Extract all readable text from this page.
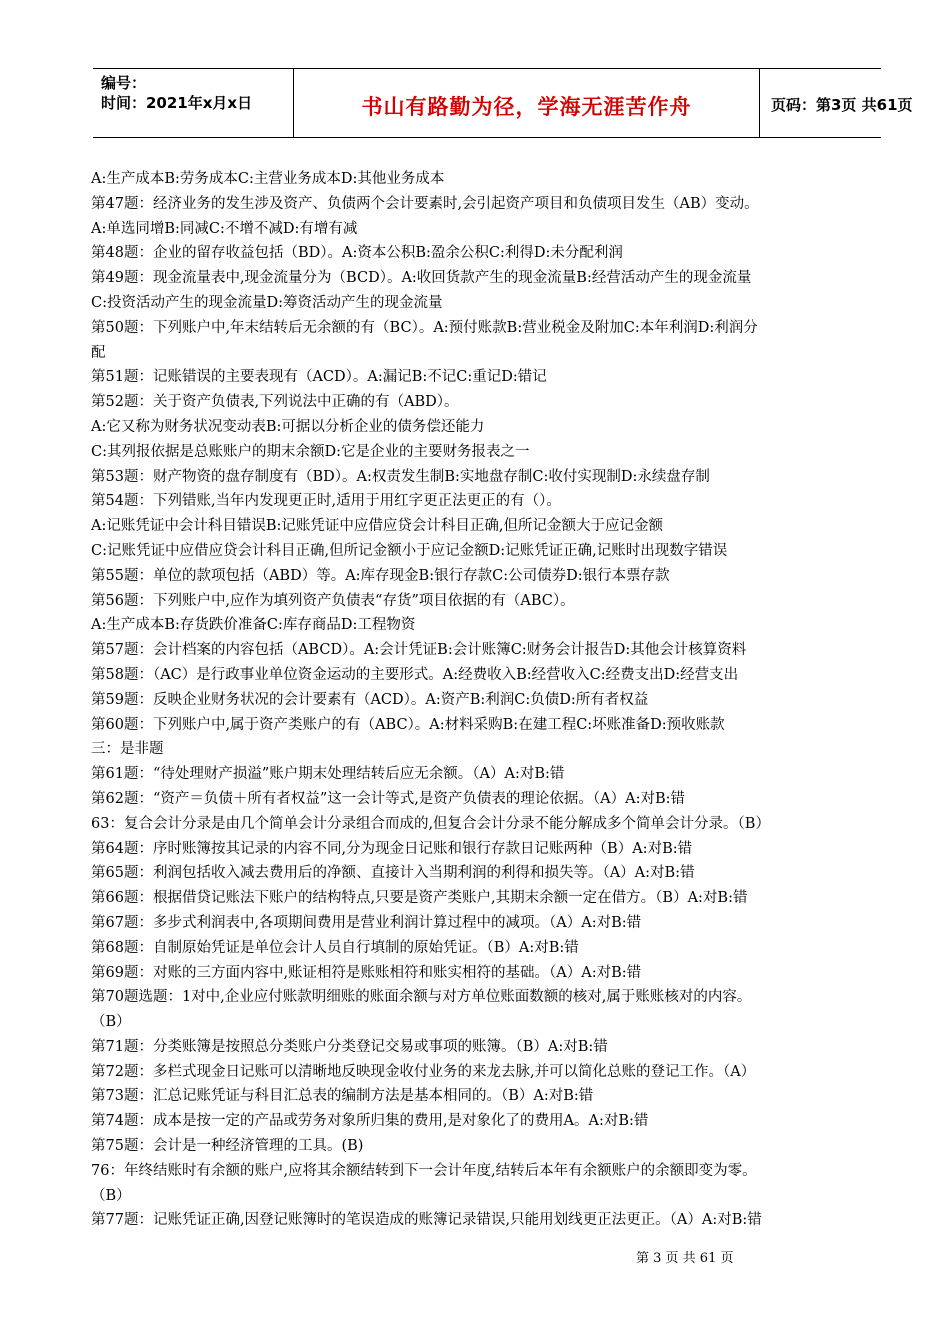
编号：
时间：2021年x月x日	书山有路勤为径，学海无涯苦作舟	页码：第3页 共61页
A:生产成本B:劳务成本C:主营业务成本D:其他业务成本
第47题：经济业务的发生涉及资产、负债两个会计要素时,会引起资产项目和负债项目发生（AB）变动。
A:单选同增B:同减C:不增不减D:有增有减
第48题：企业的留存收益包括（BD）。A:资本公积B:盈余公积C:利得D:未分配利润
第49题：现金流量表中,现金流量分为（BCD）。A:收回货款产生的现金流量B:经营活动产生的现金流量
C:投资活动产生的现金流量D:筹资活动产生的现金流量
第50题：下列账户中,年末结转后无余额的有（BC）。A:预付账款B:营业税金及附加C:本年利润D:利润分
配
第51题：记账错误的主要表现有（ACD）。A:漏记B:不记C:重记D:错记
第52题：关于资产负债表,下列说法中正确的有（ABD）。
A:它又称为财务状况变动表B:可据以分析企业的债务偿还能力
C:其列报依据是总账账户的期末余额D:它是企业的主要财务报表之一
第53题：财产物资的盘存制度有（BD）。A:权责发生制B:实地盘存制C:收付实现制D:永续盘存制
第54题：下列错账,当年内发现更正时,适用于用红字更正法更正的有（）。
A:记账凭证中会计科目错误B:记账凭证中应借应贷会计科目正确,但所记金额大于应记金额
C:记账凭证中应借应贷会计科目正确,但所记金额小于应记金额D:记账凭证正确,记账时出现数字错误
第55题：单位的款项包括（ABD）等。A:库存现金B:银行存款C:公司债券D:银行本票存款
第56题：下列账户中,应作为填列资产负债表“存货”项目依据的有（ABC）。
A:生产成本B:存货跌价准备C:库存商品D:工程物资
第57题：会计档案的内容包括（ABCD）。A:会计凭证B:会计账簿C:财务会计报告D:其他会计核算资料
第58题：（AC）是行政事业单位资金运动的主要形式。A:经费收入B:经营收入C:经费支出D:经营支出
第59题：反映企业财务状况的会计要素有（ACD）。A:资产B:利润C:负债D:所有者权益
第60题：下列账户中,属于资产类账户的有（ABC）。A:材料采购B:在建工程C:坏账准备D:预收账款
三：是非题
第61题：“待处理财产损溢”账户期末处理结转后应无余额。（A）A:对B:错
第62题：“资产＝负债＋所有者权益”这一会计等式,是资产负债表的理论依据。（A）A:对B:错
63：复合会计分录是由几个简单会计分录组合而成的,但复合会计分录不能分解成多个简单会计分录。（B）
第64题：序时账簿按其记录的内容不同,分为现金日记账和银行存款日记账两种（B）A:对B:错
第65题：利润包括收入减去费用后的净额、直接计入当期利润的利得和损失等。（A）A:对B:错
第66题：根据借贷记账法下账户的结构特点,只要是资产类账户,其期末余额一定在借方。（B）A:对B:错
第67题：多步式利润表中,各项期间费用是营业利润计算过程中的减项。（A）A:对B:错
第68题：自制原始凭证是单位会计人员自行填制的原始凭证。（B）A:对B:错
第69题：对账的三方面内容中,账证相符是账账相符和账实相符的基础。（A）A:对B:错
第70题选题：1对中,企业应付账款明细账的账面余额与对方单位账面数额的核对,属于账账核对的内容。
（B）
第71题：分类账簿是按照总分类账户分类登记交易或事项的账簿。（B）A:对B:错
第72题：多栏式现金日记账可以清晰地反映现金收付业务的来龙去脉,并可以简化总账的登记工作。（A）
第73题：汇总记账凭证与科目汇总表的编制方法是基本相同的。（B）A:对B:错
第74题：成本是按一定的产品或劳务对象所归集的费用,是对象化了的费用A。A:对B:错
第75题：会计是一种经济管理的工具。(B)
76：年终结账时有余额的账户,应将其余额结转到下一会计年度,结转后本年有余额账户的余额即变为零。
（B）
第77题：记账凭证正确,因登记账簿时的笔误造成的账簿记录错误,只能用划线更正法更正。（A）A:对B:错
第 3 页 共 61 页
